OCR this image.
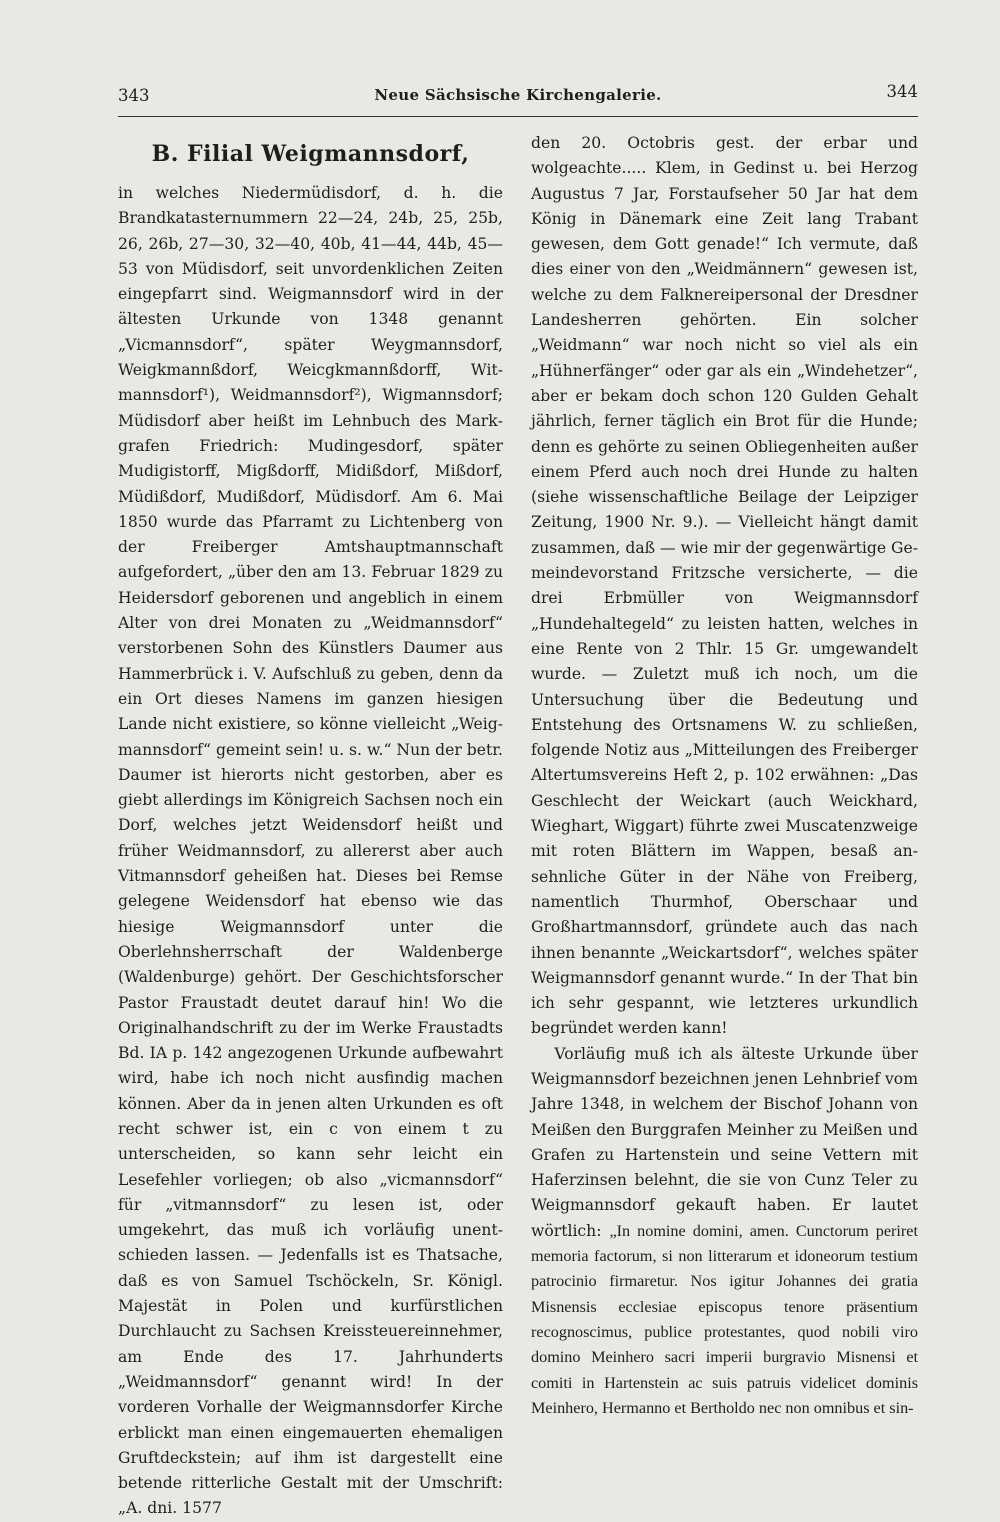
343	Neue Sächsische Kirchengalerie.	344
B. Filial Weigmannsdorf,

in welches Niedermüdisdorf, d. h. die Brandkatasternummern 22—24, 24b, 25, 25b, 26, 26b, 27—30, 32—40, 40b, 41—44, 44b, 45—53 von Müdisdorf, seit unvordenklichen Zeiten eingepfarrt sind. Weigmannsdorf wird in der ältesten Urkunde von 1348 genannt „Vicmannsdorf“, später Weygmannsdorf, Weigkmannßdorf, Weicgkmannßdorff, Witmannsdorf¹), Weidmannsdorf²), Wigmannsdorf; Müdisdorf aber heißt im Lehnbuch des Markgrafen Friedrich: Mudingesdorf, später Mudigistorff, Migßdorff, Midißdorf, Mißdorf, Müdißdorf, Mudißdorf, Müdisdorf. Am 6. Mai 1850 wurde das Pfarramt zu Lichtenberg von der Freiberger Amtshauptmannschaft aufgefordert, „über den am 13. Februar 1829 zu Heidersdorf geborenen und angeblich in einem Alter von drei Monaten zu „Weidmannsdorf“ verstorbenen Sohn des Künstlers Daumer aus Hammerbrück i. V. Aufschluß zu geben, denn da ein Ort dieses Namens im ganzen hiesigen Lande nicht existiere, so könne vielleicht „Weigmannsdorf“ gemeint sein! u. s. w.“ Nun der betr. Daumer ist hierorts nicht gestorben, aber es giebt allerdings im Königreich Sachsen noch ein Dorf, welches jetzt Weidensdorf heißt und früher Weidmannsdorf, zu allererst aber auch Vitmannsdorf geheißen hat. Dieses bei Remse gelegene Weidensdorf hat ebenso wie das hiesige Weigmannsdorf unter die Oberlehnsherrschaft der Waldenberge (Waldenburge) gehört. Der Geschichtsforscher Pastor Fraustadt deutet darauf hin! Wo die Originalhandschrift zu der im Werke Fraustadts Bd. IA p. 142 angezogenen Urkunde aufbewahrt wird, habe ich noch nicht ausfindig machen können. Aber da in jenen alten Urkunden es oft recht schwer ist, ein c von einem t zu unterscheiden, so kann sehr leicht ein Lesefehler vorliegen; ob also „vicmannsdorf“ für „vitmannsdorf“ zu lesen ist, oder umgekehrt, das muß ich vorläufig unentschieden lassen. — Jedenfalls ist es Thatsache, daß es von Samuel Tschöckeln, Sr. Königl. Majestät in Polen und kurfürstlichen Durchlaucht zu Sachsen Kreissteuereinnehmer, am Ende des 17. Jahrhunderts „Weidmannsdorf“ genannt wird! In der vorderen Vorhalle der Weigmannsdorfer Kirche erblickt man einen eingemauerten ehemaligen Gruftdeckstein; auf ihm ist dargestellt eine betende ritterliche Gestalt mit der Umschrift: „A. dni. 1577

den 20. Octobris gest. der erbar und wolgeachte..... Klem, in Gedinst u. bei Herzog Augustus 7 Jar, Forstaufseher 50 Jar hat dem König in Dänemark eine Zeit lang Trabant gewesen, dem Gott genade!“ Ich vermute, daß dies einer von den „Weidmännern“ gewesen ist, welche zu dem Falknereipersonal der Dresdner Landesherren gehörten. Ein solcher „Weidmann“ war noch nicht so viel als ein „Hühnerfänger“ oder gar als ein „Windehetzer“, aber er bekam doch schon 120 Gulden Gehalt jährlich, ferner täglich ein Brot für die Hunde; denn es gehörte zu seinen Obliegenheiten außer einem Pferd auch noch drei Hunde zu halten (siehe wissenschaftliche Beilage der Leipziger Zeitung, 1900 Nr. 9.). — Vielleicht hängt damit zusammen, daß — wie mir der gegenwärtige Gemeindevorstand Fritzsche versicherte, — die drei Erbmüller von Weigmannsdorf „Hundehaltegeld“ zu leisten hatten, welches in eine Rente von 2 Thlr. 15 Gr. umgewandelt wurde. — Zuletzt muß ich noch, um die Untersuchung über die Bedeutung und Entstehung des Ortsnamens W. zu schließen, folgende Notiz aus „Mitteilungen des Freiberger Altertumsvereins Heft 2, p. 102 erwähnen: „Das Geschlecht der Weickart (auch Weickhard, Wieghart, Wiggart) führte zwei Muscatenzweige mit roten Blättern im Wappen, besaß ansehnliche Güter in der Nähe von Freiberg, namentlich Thurmhof, Oberschaar und Großhartmannsdorf, gründete auch das nach ihnen benannte „Weickartsdorf“, welches später Weigmannsdorf genannt wurde.“ In der That bin ich sehr gespannt, wie letzteres urkundlich begründet werden kann!

Vorläufig muß ich als älteste Urkunde über Weigmannsdorf bezeichnen jenen Lehnbrief vom Jahre 1348, in welchem der Bischof Johann von Meißen den Burggrafen Meinher zu Meißen und Grafen zu Hartenstein und seine Vettern mit Haferzinsen belehnt, die sie von Cunz Teler zu Weigmannsdorf gekauft haben. Er lautet wörtlich: „In nomine domini, amen. Cunctorum periret memoria factorum, si non litterarum et idoneorum testium patrocinio firmaretur. Nos igitur Johannes dei gratia Misnensis ecclesiae episcopus tenore präsentium recognoscimus, publice protestantes, quod nobili viro domino Meinhero sacri imperii burgravio Misnensi et comiti in Hartenstein ac suis patruis videlicet dominis Meinhero, Hermanno et Bertholdo nec non omnibus et sin-
